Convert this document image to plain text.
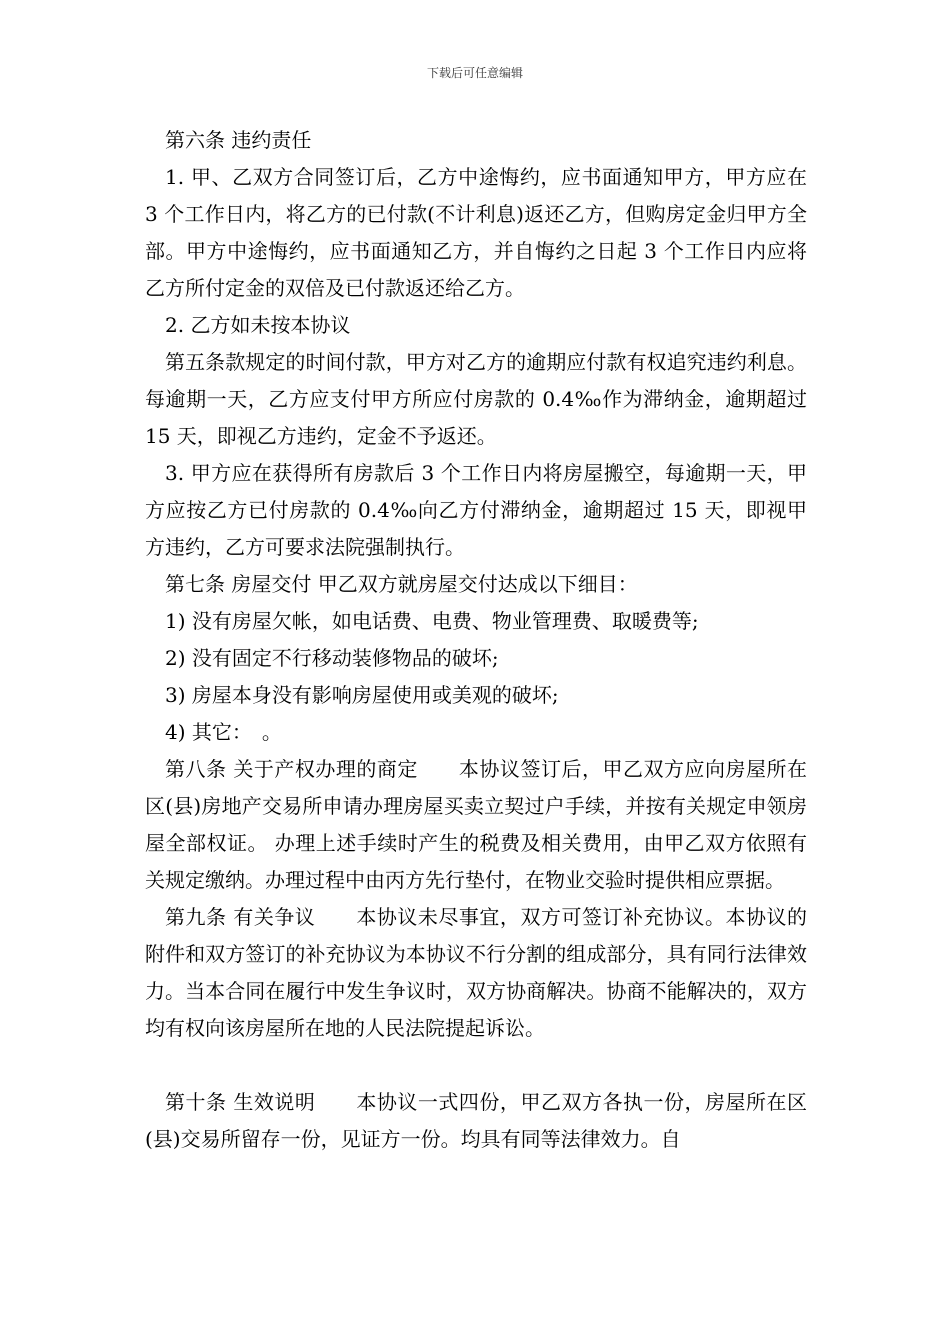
下载后可任意编辑

第六条 违约责任

1. 甲、乙双方合同签订后，乙方中途悔约，应书面通知甲方，甲方应在 3 个工作日内，将乙方的已付款(不计利息)返还乙方，但购房定金归甲方全部。甲方中途悔约，应书面通知乙方，并自悔约之日起 3 个工作日内应将乙方所付定金的双倍及已付款返还给乙方。

2. 乙方如未按本协议

第五条款规定的时间付款，甲方对乙方的逾期应付款有权追究违约利息。每逾期一天，乙方应支付甲方所应付房款的 0.4‰作为滞纳金，逾期超过 15 天，即视乙方违约，定金不予返还。

3. 甲方应在获得所有房款后 3 个工作日内将房屋搬空，每逾期一天，甲方应按乙方已付房款的 0.4‰向乙方付滞纳金，逾期超过 15 天，即视甲方违约，乙方可要求法院强制执行。

第七条 房屋交付 甲乙双方就房屋交付达成以下细目：

1) 没有房屋欠帐，如电话费、电费、物业管理费、取暖费等;

2) 没有固定不行移动装修物品的破坏;

3) 房屋本身没有影响房屋使用或美观的破坏;

4) 其它：　。

第八条 关于产权办理的商定　　本协议签订后，甲乙双方应向房屋所在区(县)房地产交易所申请办理房屋买卖立契过户手续，并按有关规定申领房屋全部权证。 办理上述手续时产生的税费及相关费用，由甲乙双方依照有关规定缴纳。办理过程中由丙方先行垫付，在物业交验时提供相应票据。

第九条 有关争议　　本协议未尽事宜，双方可签订补充协议。本协议的附件和双方签订的补充协议为本协议不行分割的组成部分，具有同行法律效力。当本合同在履行中发生争议时，双方协商解决。协商不能解决的，双方均有权向该房屋所在地的人民法院提起诉讼。

第十条 生效说明　　本协议一式四份，甲乙双方各执一份，房屋所在区(县)交易所留存一份，见证方一份。均具有同等法律效力。自
